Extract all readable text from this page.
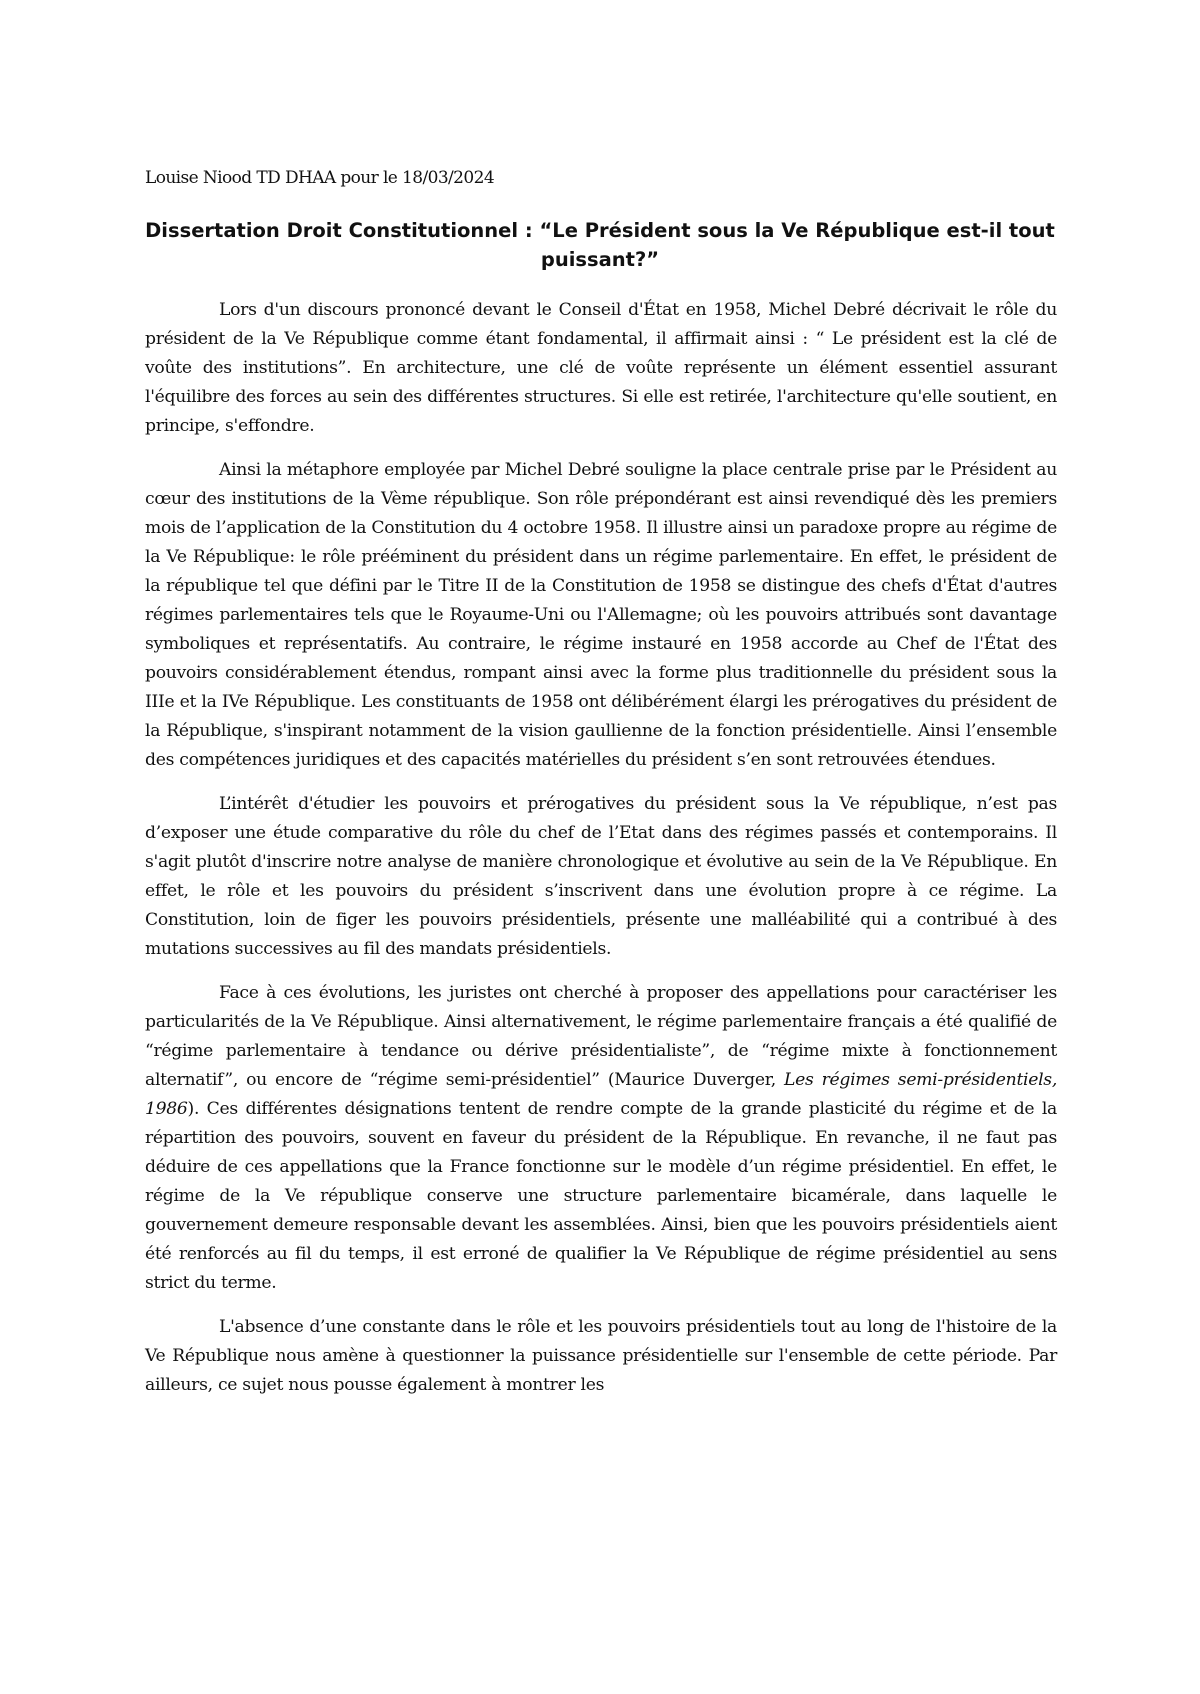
Louise Niood TD DHAA pour le 18/03/2024

Dissertation Droit Constitutionnel : “Le Président sous la Ve République est-il tout puissant?”

Lors d'un discours prononcé devant le Conseil d'État en 1958, Michel Debré décrivait le rôle du président de la Ve République comme étant fondamental, il affirmait ainsi : “ Le président est la clé de voûte des institutions”. En architecture, une clé de voûte représente un élément essentiel assurant l'équilibre des forces au sein des différentes structures. Si elle est retirée, l'architecture qu'elle soutient, en principe, s'effondre.

Ainsi la métaphore employée par Michel Debré souligne la place centrale prise par le Président au cœur des institutions de la Vème république. Son rôle prépondérant est ainsi revendiqué dès les premiers mois de l’application de la Constitution du 4 octobre 1958. Il illustre ainsi un paradoxe propre au régime de la Ve République: le rôle prééminent du président dans un régime parlementaire. En effet, le président de la république tel que défini par le Titre II de la Constitution de 1958 se distingue des chefs d'État d'autres régimes parlementaires tels que le Royaume-Uni ou l'Allemagne; où les pouvoirs attribués sont davantage symboliques et représentatifs. Au contraire, le régime instauré en 1958 accorde au Chef de l'État des pouvoirs considérablement étendus, rompant ainsi avec la forme plus traditionnelle du président sous la IIIe et la IVe République. Les constituants de 1958 ont délibérément élargi les prérogatives du président de la République, s'inspirant notamment de la vision gaullienne de la fonction présidentielle. Ainsi l’ensemble des compétences juridiques et des capacités matérielles du président s’en sont retrouvées étendues.

L’intérêt d'étudier les pouvoirs et prérogatives du président sous la Ve république, n’est pas d’exposer une étude comparative du rôle du chef de l’Etat dans des régimes passés et contemporains. Il s'agit plutôt d'inscrire notre analyse de manière chronologique et évolutive au sein de la Ve République. En effet, le rôle et les pouvoirs du président s’inscrivent dans une évolution propre à ce régime. La Constitution, loin de figer les pouvoirs présidentiels, présente une malléabilité qui a contribué à des mutations successives au fil des mandats présidentiels.

Face à ces évolutions, les juristes ont cherché à proposer des appellations pour caractériser les particularités de la Ve République. Ainsi alternativement, le régime parlementaire français a été qualifié de “régime parlementaire à tendance ou dérive présidentialiste”, de “régime mixte à fonctionnement alternatif”, ou encore de “régime semi-présidentiel” (Maurice Duverger, Les régimes semi-présidentiels, 1986). Ces différentes désignations tentent de rendre compte de la grande plasticité du régime et de la répartition des pouvoirs, souvent en faveur du président de la République. En revanche, il ne faut pas déduire de ces appellations que la France fonctionne sur le modèle d’un régime présidentiel. En effet, le régime de la Ve république conserve une structure parlementaire bicamérale, dans laquelle le gouvernement demeure responsable devant les assemblées. Ainsi, bien que les pouvoirs présidentiels aient été renforcés au fil du temps, il est erroné de qualifier la Ve République de régime présidentiel au sens strict du terme.

L'absence d’une constante dans le rôle et les pouvoirs présidentiels tout au long de l'histoire de la Ve République nous amène à questionner la puissance présidentielle sur l'ensemble de cette période. Par ailleurs, ce sujet nous pousse également à montrer les
